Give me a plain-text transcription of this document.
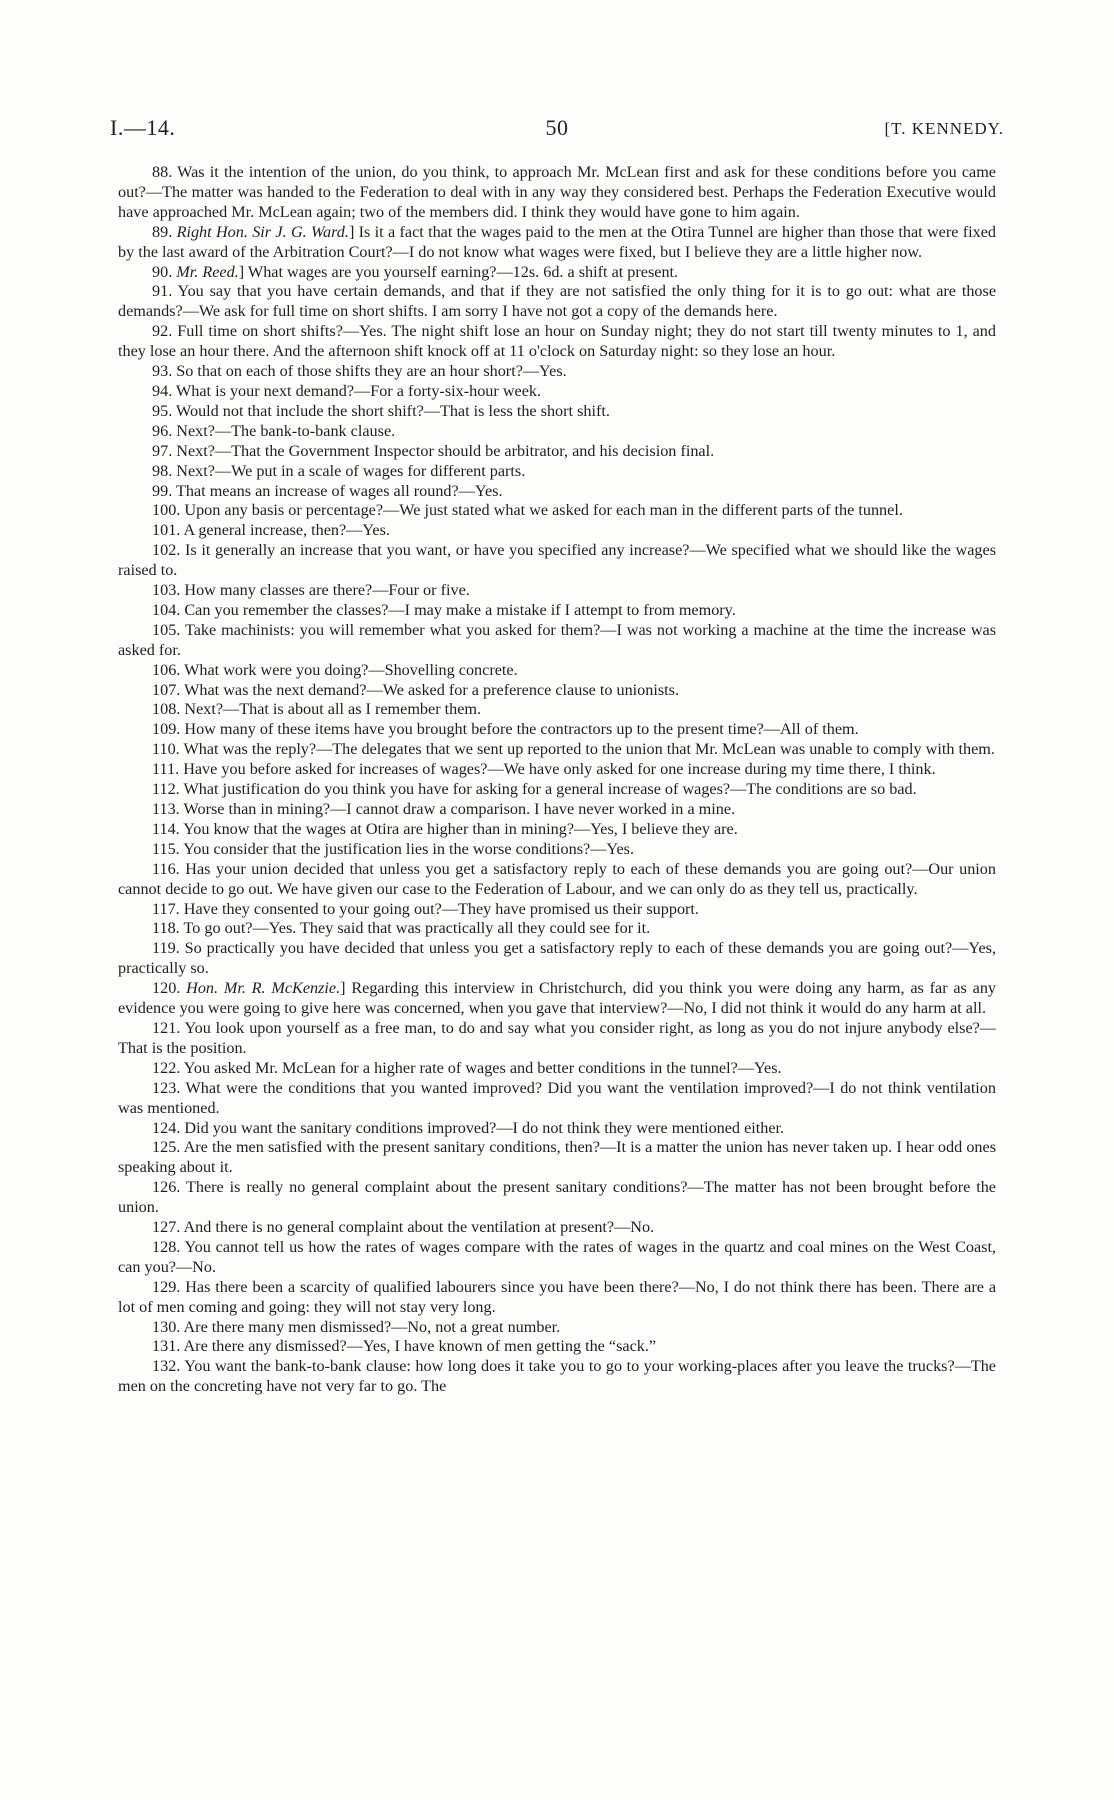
I.—14.	50	[T. KENNEDY.

88. Was it the intention of the union, do you think, to approach Mr. McLean first and ask for these conditions before you came out?—The matter was handed to the Federation to deal with in any way they considered best. Perhaps the Federation Executive would have approached Mr. McLean again; two of the members did. I think they would have gone to him again.

89. Right Hon. Sir J. G. Ward.] Is it a fact that the wages paid to the men at the Otira Tunnel are higher than those that were fixed by the last award of the Arbitration Court?—I do not know what wages were fixed, but I believe they are a little higher now.

90. Mr. Reed.] What wages are you yourself earning?—12s. 6d. a shift at present.

91. You say that you have certain demands, and that if they are not satisfied the only thing for it is to go out: what are those demands?—We ask for full time on short shifts. I am sorry I have not got a copy of the demands here.

92. Full time on short shifts?—Yes. The night shift lose an hour on Sunday night; they do not start till twenty minutes to 1, and they lose an hour there. And the afternoon shift knock off at 11 o'clock on Saturday night: so they lose an hour.

93. So that on each of those shifts they are an hour short?—Yes.

94. What is your next demand?—For a forty-six-hour week.

95. Would not that include the short shift?—That is less the short shift.

96. Next?—The bank-to-bank clause.

97. Next?—That the Government Inspector should be arbitrator, and his decision final.

98. Next?—We put in a scale of wages for different parts.

99. That means an increase of wages all round?—Yes.

100. Upon any basis or percentage?—We just stated what we asked for each man in the different parts of the tunnel.

101. A general increase, then?—Yes.

102. Is it generally an increase that you want, or have you specified any increase?—We specified what we should like the wages raised to.

103. How many classes are there?—Four or five.

104. Can you remember the classes?—I may make a mistake if I attempt to from memory.

105. Take machinists: you will remember what you asked for them?—I was not working a machine at the time the increase was asked for.

106. What work were you doing?—Shovelling concrete.

107. What was the next demand?—We asked for a preference clause to unionists.

108. Next?—That is about all as I remember them.

109. How many of these items have you brought before the contractors up to the present time?—All of them.

110. What was the reply?—The delegates that we sent up reported to the union that Mr. McLean was unable to comply with them.

111. Have you before asked for increases of wages?—We have only asked for one increase during my time there, I think.

112. What justification do you think you have for asking for a general increase of wages?—The conditions are so bad.

113. Worse than in mining?—I cannot draw a comparison. I have never worked in a mine.

114. You know that the wages at Otira are higher than in mining?—Yes, I believe they are.

115. You consider that the justification lies in the worse conditions?—Yes.

116. Has your union decided that unless you get a satisfactory reply to each of these demands you are going out?—Our union cannot decide to go out. We have given our case to the Federation of Labour, and we can only do as they tell us, practically.

117. Have they consented to your going out?—They have promised us their support.

118. To go out?—Yes. They said that was practically all they could see for it.

119. So practically you have decided that unless you get a satisfactory reply to each of these demands you are going out?—Yes, practically so.

120. Hon. Mr. R. McKenzie.] Regarding this interview in Christchurch, did you think you were doing any harm, as far as any evidence you were going to give here was concerned, when you gave that interview?—No, I did not think it would do any harm at all.

121. You look upon yourself as a free man, to do and say what you consider right, as long as you do not injure anybody else?—That is the position.

122. You asked Mr. McLean for a higher rate of wages and better conditions in the tunnel?—Yes.

123. What were the conditions that you wanted improved? Did you want the ventilation improved?—I do not think ventilation was mentioned.

124. Did you want the sanitary conditions improved?—I do not think they were mentioned either.

125. Are the men satisfied with the present sanitary conditions, then?—It is a matter the union has never taken up. I hear odd ones speaking about it.

126. There is really no general complaint about the present sanitary conditions?—The matter has not been brought before the union.

127. And there is no general complaint about the ventilation at present?—No.

128. You cannot tell us how the rates of wages compare with the rates of wages in the quartz and coal mines on the West Coast, can you?—No.

129. Has there been a scarcity of qualified labourers since you have been there?—No, I do not think there has been. There are a lot of men coming and going: they will not stay very long.

130. Are there many men dismissed?—No, not a great number.

131. Are there any dismissed?—Yes, I have known of men getting the “sack.”

132. You want the bank-to-bank clause: how long does it take you to go to your working-places after you leave the trucks?—The men on the concreting have not very far to go. The
